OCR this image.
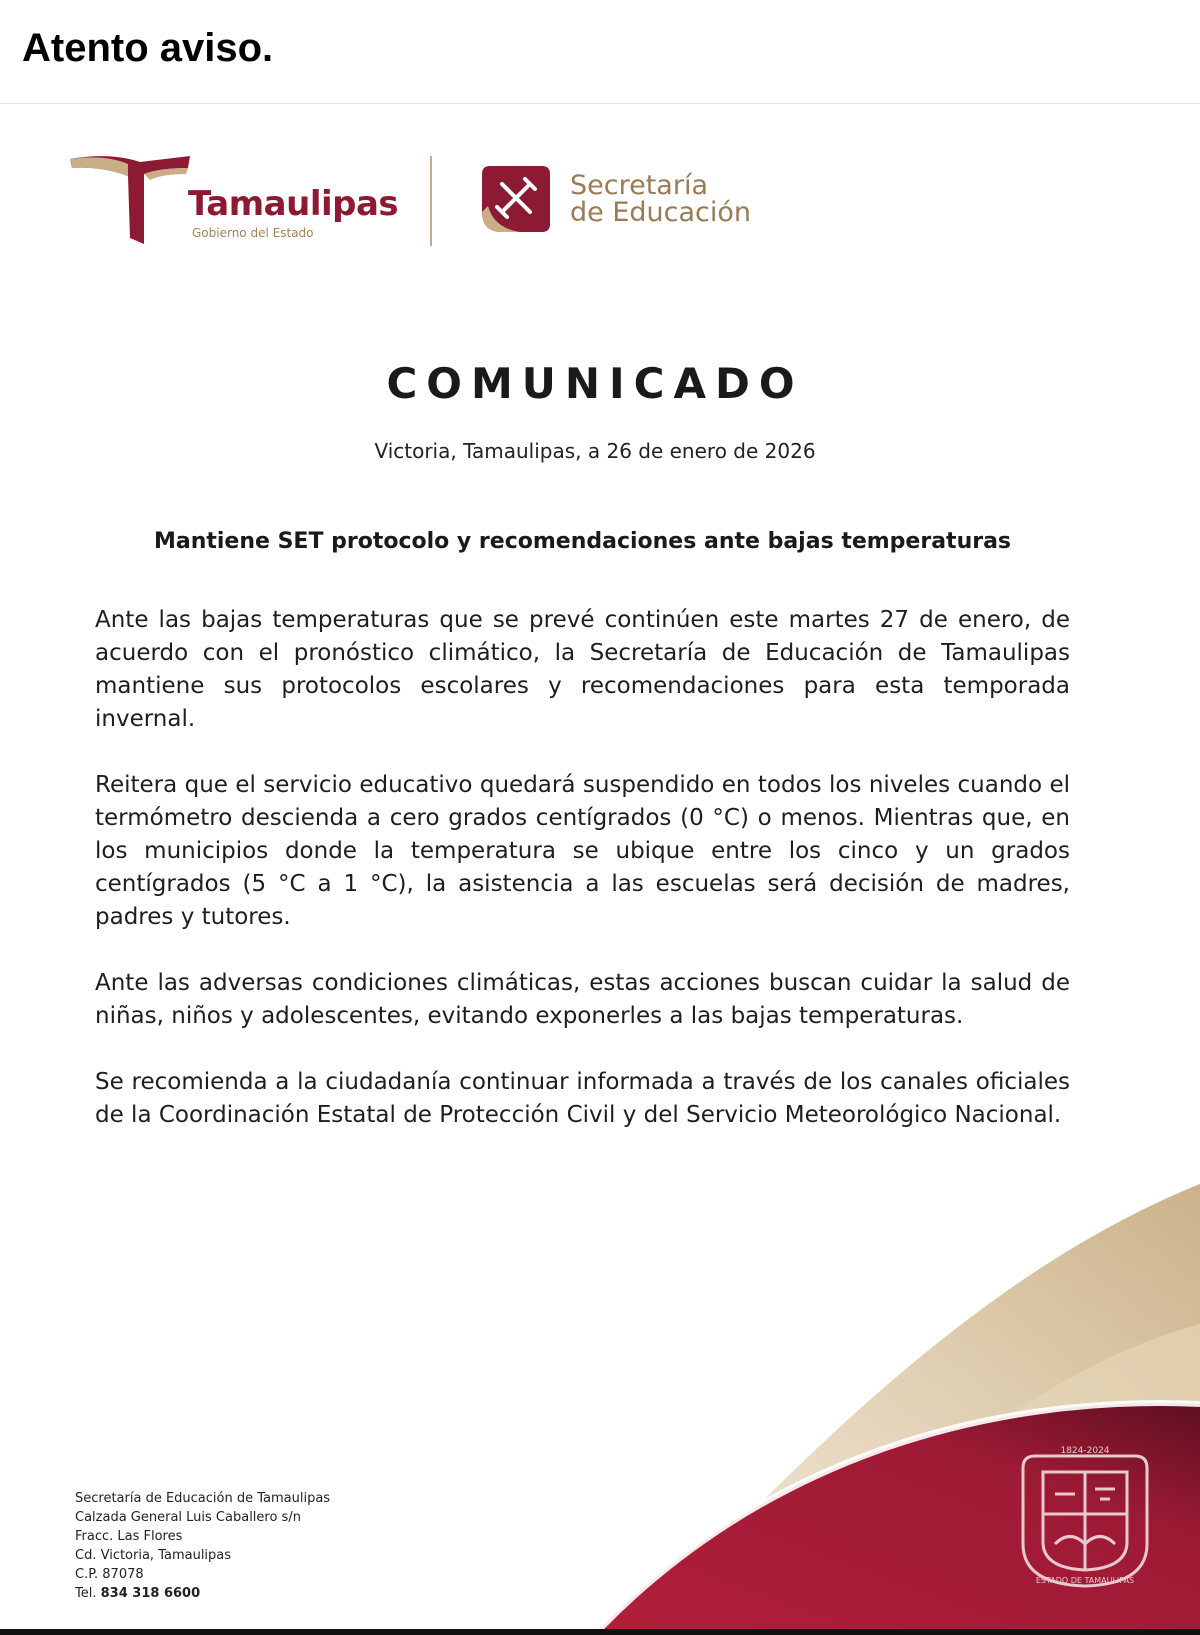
Atento aviso.
Tamaulipas
Gobierno del Estado
Secretaría
de Educación
COMUNICADO
Victoria, Tamaulipas, a 26 de enero de 2026
Mantiene SET protocolo y recomendaciones ante bajas temperaturas

Ante las bajas temperaturas que se prevé continúen este martes 27 de enero, de acuerdo con el pronóstico climático, la Secretaría de Educación de Tamaulipas mantiene sus protocolos escolares y recomendaciones para esta temporada invernal.

Reitera que el servicio educativo quedará suspendido en todos los niveles cuando el termómetro descienda a cero grados centígrados (0 °C) o menos. Mientras que, en los municipios donde la temperatura se ubique entre los cinco y un grados centígrados (5 °C a 1 °C), la asistencia a las escuelas será decisión de madres, padres y tutores.

Ante las adversas condiciones climáticas, estas acciones buscan cuidar la salud de niñas, niños y adolescentes, evitando exponerles a las bajas temperaturas.

Se recomienda a la ciudadanía continuar informada a través de los canales oficiales de la Coordinación Estatal de Protección Civil y del Servicio Meteorológico Nacional.

Secretaría de Educación de Tamaulipas
Calzada General Luis Caballero s/n
Fracc. Las Flores
Cd. Victoria, Tamaulipas
C.P. 87078
Tel. 834 318 6600
1824-2024
ESTADO DE TAMAULIPAS
